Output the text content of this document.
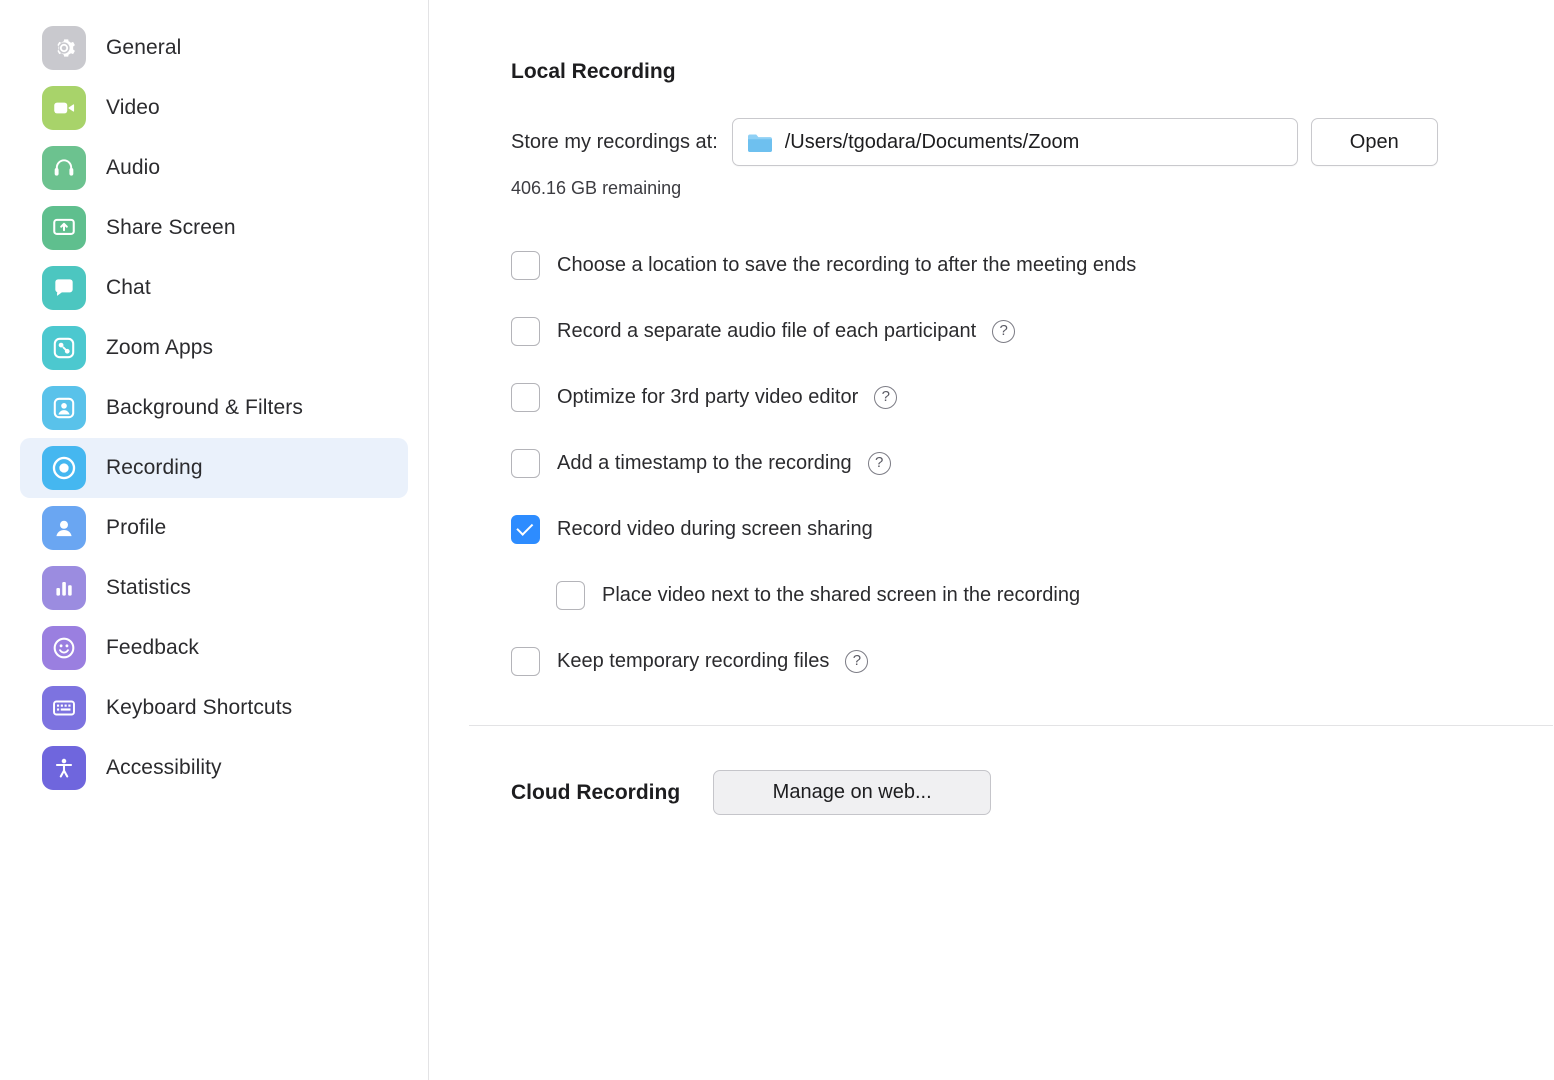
General
Video
Audio
Share Screen
Chat
Zoom Apps
Background & Filters
Recording
Profile
Statistics
Feedback
Keyboard Shortcuts
Accessibility
Local Recording
Store my recordings at:	/Users/tgodara/Documents/Zoom	Open
406.16 GB remaining
Choose a location to save the recording to after the meeting ends
Record a separate audio file of each participant	?
Optimize for 3rd party video editor	?
Add a timestamp to the recording	?
Record video during screen sharing
Place video next to the shared screen in the recording
Keep temporary recording files	?
Cloud Recording	Manage on web...
